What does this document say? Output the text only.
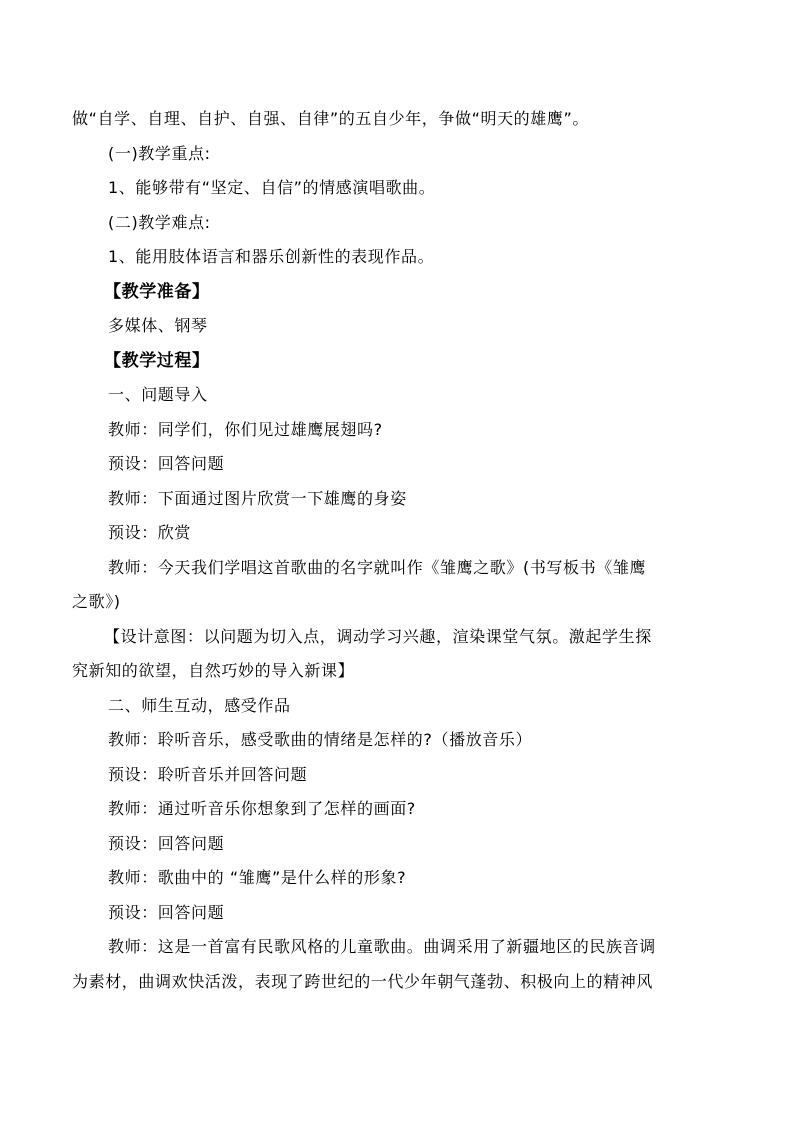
做“自学、自理、自护、自强、自律”的五自少年，争做“明天的雄鹰”。
(一)教学重点:
1、能够带有“坚定、自信”的情感演唱歌曲。
(二)教学难点:
1、能用肢体语言和器乐创新性的表现作品。
【教学准备】
多媒体、钢琴
【教学过程】
一、问题导入
教师：同学们，你们见过雄鹰展翅吗?
预设：回答问题
教师：下面通过图片欣赏一下雄鹰的身姿
预设：欣赏
教师：今天我们学唱这首歌曲的名字就叫作《雏鹰之歌》(书写板书《雏鹰
之歌》)
【设计意图：以问题为切入点，调动学习兴趣，渲染课堂气氛。激起学生探
究新知的欲望，自然巧妙的导入新课】
二、师生互动，感受作品
教师：聆听音乐，感受歌曲的情绪是怎样的?（播放音乐）
预设：聆听音乐并回答问题
教师：通过听音乐你想象到了怎样的画面?
预设：回答问题
教师：歌曲中的 “雏鹰”是什么样的形象?
预设：回答问题
教师：这是一首富有民歌风格的儿童歌曲。曲调采用了新疆地区的民族音调
为素材，曲调欢快活泼，表现了跨世纪的一代少年朝气蓬勃、积极向上的精神风
